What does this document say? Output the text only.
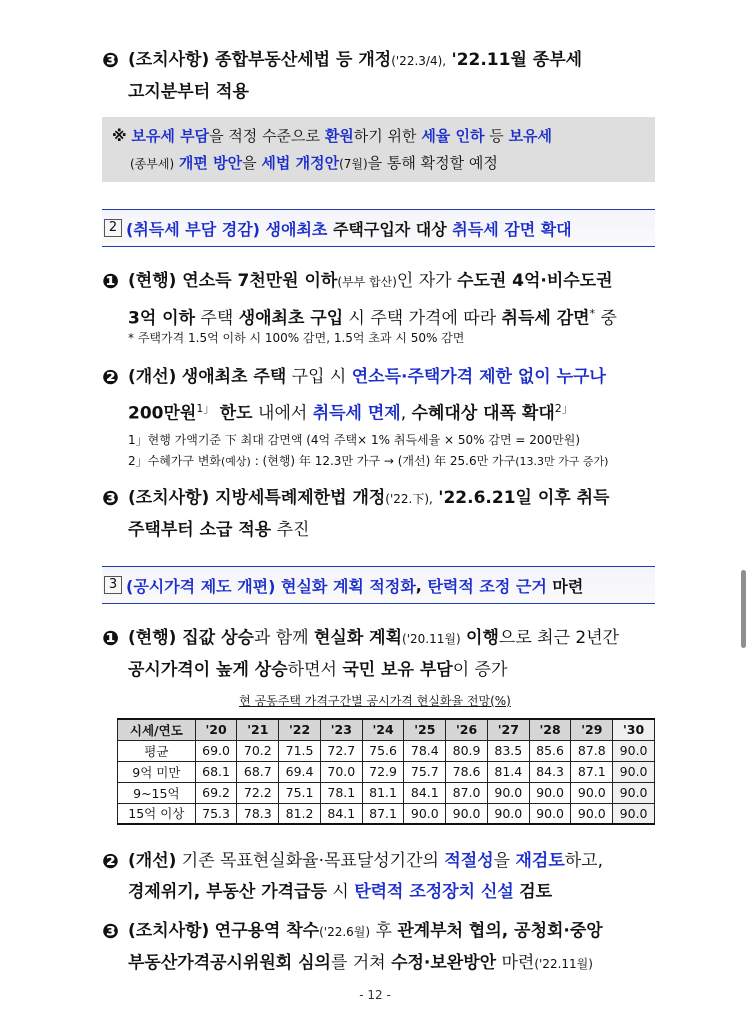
❸ (조치사항) 종합부동산세법 등 개정('22.3/4), '22.11월 종부세
고지분부터 적용
※ 보유세 부담을 적정 수준으로 환원하기 위한 세율 인하 등 보유세
(종부세) 개편 방안을 세법 개정안(7월)을 통해 확정할 예정
2 (취득세 부담 경감)
생애최초
주택구입자 대상
취득세 감면 확대
❶ (현행) 연소득 7천만원 이하(부부 합산)인 자가 수도권 4억·비수도권
3억 이하 주택 생애최초 구입 시 주택 가격에 따라 취득세 감면* 중
* 주택가격 1.5억 이하 시 100% 감면, 1.5억 초과 시 50% 감면
❷ (개선) 생애최초 주택 구입 시 연소득·주택가격 제한 없이 누구나
200만원$^{1」}$ 한도 내에서 취득세 면제, 수혜대상 대폭 확대$^{2」}$
1」현행 가액기준 下 최대 감면액 (4억 주택× 1% 취득세율 × 50% 감면 = 200만원)
2」수혜가구 변화(예상) : (현행) 年 12.3만 가구 → (개선) 年 25.6만 가구(13.3만 가구 증가)
❸ (조치사항) 지방세특례제한법 개정('22.下), '22.6.21일 이후 취득
주택부터 소급 적용 추진
3 (공시가격 제도 개편)
현실화 계획 적정화 ,
탄력적 조정 근거
마련
❶ (현행) 집값 상승과 함께 현실화 계획('20.11월) 이행으로 최근 2년간
공시가격이 높게 상승하면서 국민 보유 부담이 증가
현 공동주택 가격구간별 공시가격 현실화율 전망(%)
시세/연도	'20	'21	'22	'23	'24	'25	'26	'27	'28	'29	'30
평균	69.0	70.2	71.5	72.7	75.6	78.4	80.9	83.5	85.6	87.8	90.0
9억 미만	68.1	68.7	69.4	70.0	72.9	75.7	78.6	81.4	84.3	87.1	90.0
9~15억	69.2	72.2	75.1	78.1	81.1	84.1	87.0	90.0	90.0	90.0	90.0
15억 이상	75.3	78.3	81.2	84.1	87.1	90.0	90.0	90.0	90.0	90.0	90.0
❷ (개선) 기존 목표현실화율·목표달성기간의 적절성을 재검토하고,
경제위기, 부동산 가격급등 시 탄력적 조정장치 신설 검토
❸ (조치사항) 연구용역 착수('22.6월) 후 관계부처 협의, 공청회·중앙
부동산가격공시위원회 심의를 거쳐 수정·보완방안 마련('22.11월)
- 12 -
